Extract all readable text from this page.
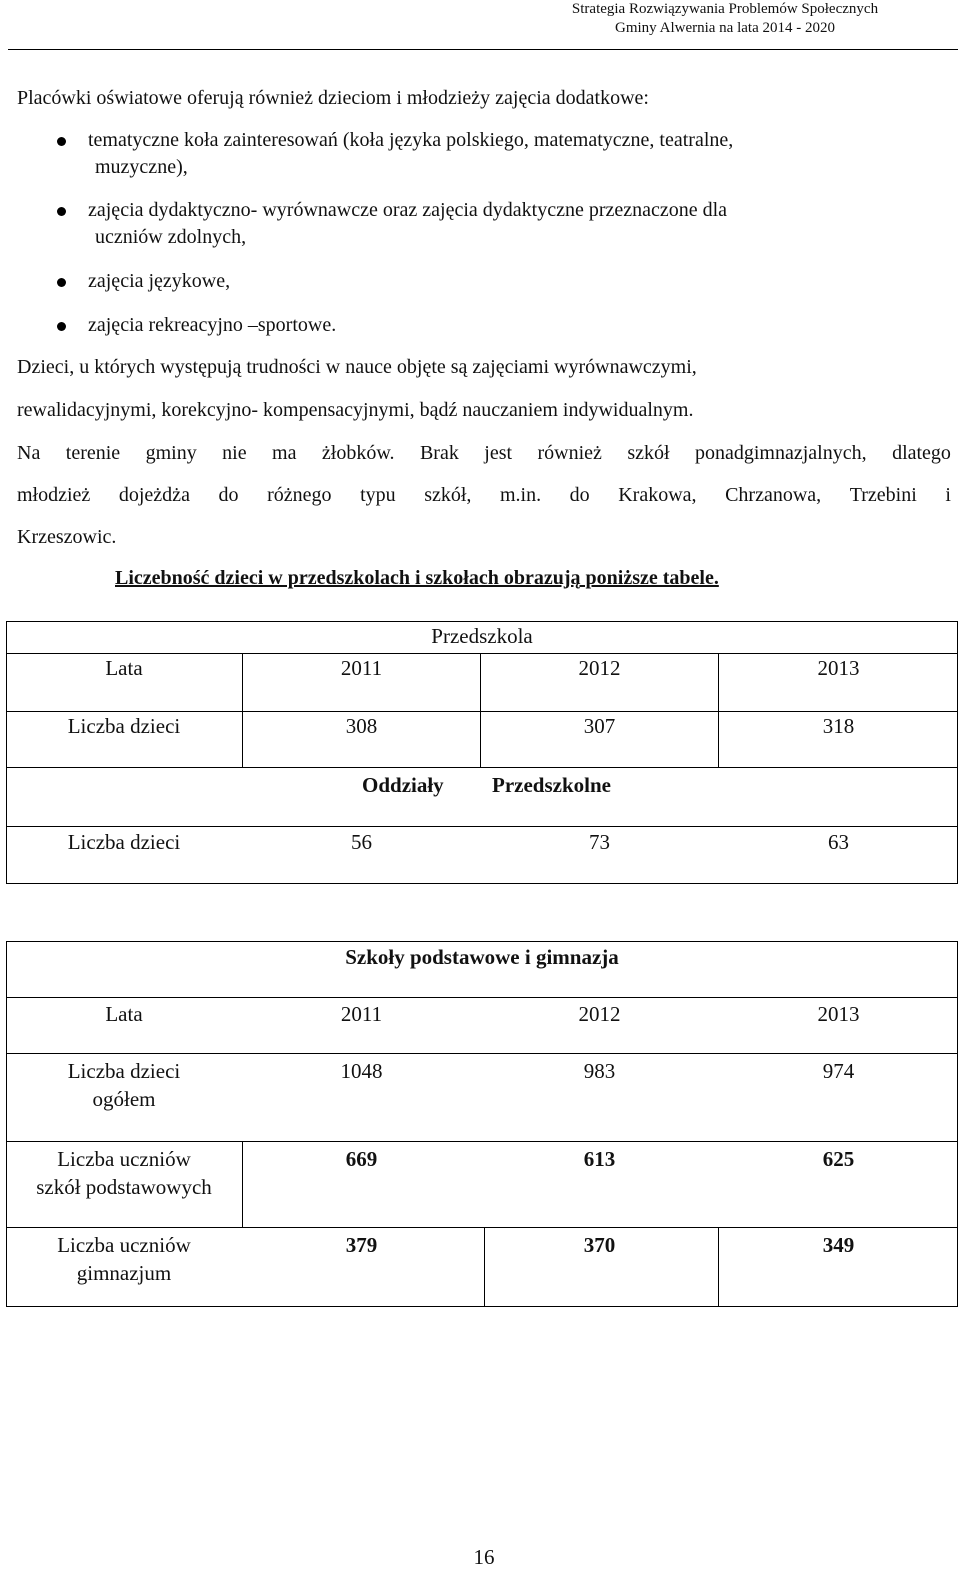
Strategia Rozwiązywania Problemów Społecznych
Gminy Alwernia na lata 2014 - 2020
Placówki oświatowe oferują również dzieciom i młodzieży zajęcia dodatkowe:
tematyczne koła zainteresowań (koła języka polskiego, matematyczne, teatralne,
muzyczne),
zajęcia dydaktyczno- wyrównawcze oraz zajęcia dydaktyczne przeznaczone dla
uczniów zdolnych,
zajęcia językowe,
zajęcia rekreacyjno –sportowe.
Dzieci, u których występują trudności w nauce objęte są zajęciami wyrównawczymi,
rewalidacyjnymi, korekcyjno- kompensacyjnymi, bądź nauczaniem indywidualnym.
Na terenie gminy nie ma żłobków. Brak jest również szkół ponadgimnazjalnych, dlatego
młodzież dojeżdża do różnego typu szkół, m.in. do Krakowa, Chrzanowa, Trzebini i
Krzeszowic.
Liczebność dzieci w przedszkolach i szkołach obrazują poniższe tabele.
Przedszkola
Lata	2011	2012	2013
Liczba dzieci	308	307	318
Oddziały Przedszkolne
Liczba dzieci	56	73	63
Szkoły podstawowe i gimnazja
Lata	2011	2012	2013
Liczba dzieci
ogółem
1048	983	974
Liczba uczniów
szkół podstawowych
669	613	625
Liczba uczniów
gimnazjum
379	370	349
16
